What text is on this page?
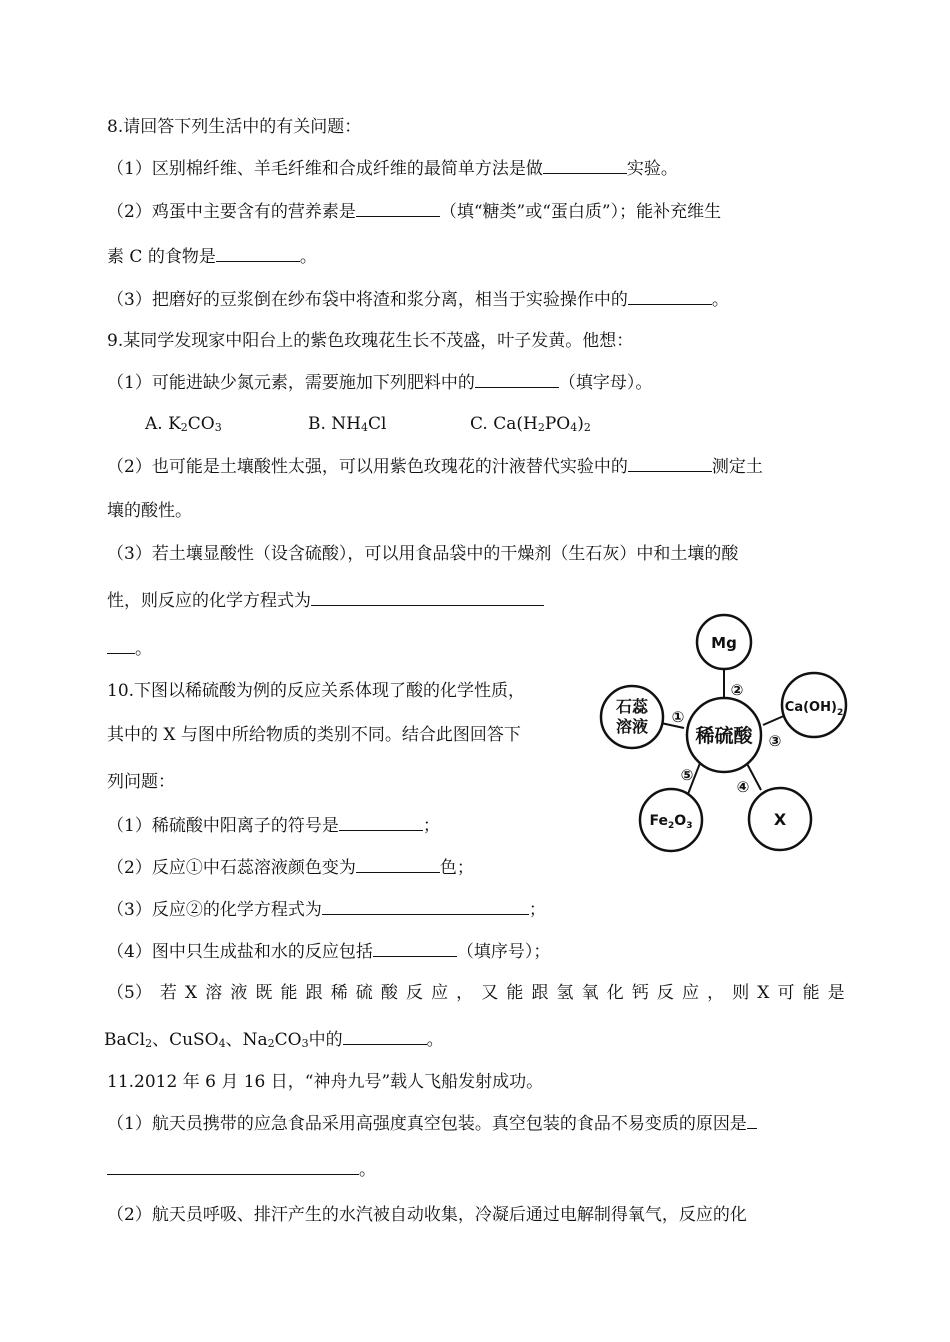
8.请回答下列生活中的有关问题：
（1）区别棉纤维、羊毛纤维和合成纤维的最简单方法是做	实验。
（2）鸡蛋中主要含有的营养素是	（填“糖类”或“蛋白质”）；能补充维生
素 C 的食物是	。
（3）把磨好的豆浆倒在纱布袋中将渣和浆分离，相当于实验操作中的	。
9.某同学发现家中阳台上的紫色玫瑰花生长不茂盛，叶子发黄。他想：
（1）可能进缺少氮元素，需要施加下列肥料中的	（填字母）。
A. $K_2CO_3$	B. $NH_4Cl$	C. $Ca(H_2PO_4)_2$
（2）也可能是土壤酸性太强，可以用紫色玫瑰花的汁液替代实验中的	测定土
壤的酸性。
（3）若土壤显酸性（设含硫酸），可以用食品袋中的干燥剂（生石灰）中和土壤的酸
性，则反应的化学方程式为
。
10.下图以稀硫酸为例的反应关系体现了酸的化学性质，
其中的 X 与图中所给物质的类别不同。结合此图回答下
列问题：
（1）稀硫酸中阳离子的符号是	；
（2）反应①中石蕊溶液颜色变为	色；
（3）反应②的化学方程式为	；
（4）图中只生成盐和水的反应包括	（填序号）；
（5） 若 X 溶 液 既 能 跟 稀 硫 酸 反 应 ， 又 能 跟 氢 氧 化 钙 反 应 ， 则 X 可 能 是
BaCl$_2$、CuSO$_4$、$Na_2CO_3$中的	。
稀硫酸
Mg
石蕊
溶液
$Ca(OH)_2$
$Fe_2O_3$	X
①
②
③
④
⑤
11.2012 年 6 月 16 日，“神舟九号”载人飞船发射成功。
（1）航天员携带的应急食品采用高强度真空包装。真空包装的食品不易变质的原因是
。
（2）航天员呼吸、排汗产生的水汽被自动收集，冷凝后通过电解制得氧气，反应的化
